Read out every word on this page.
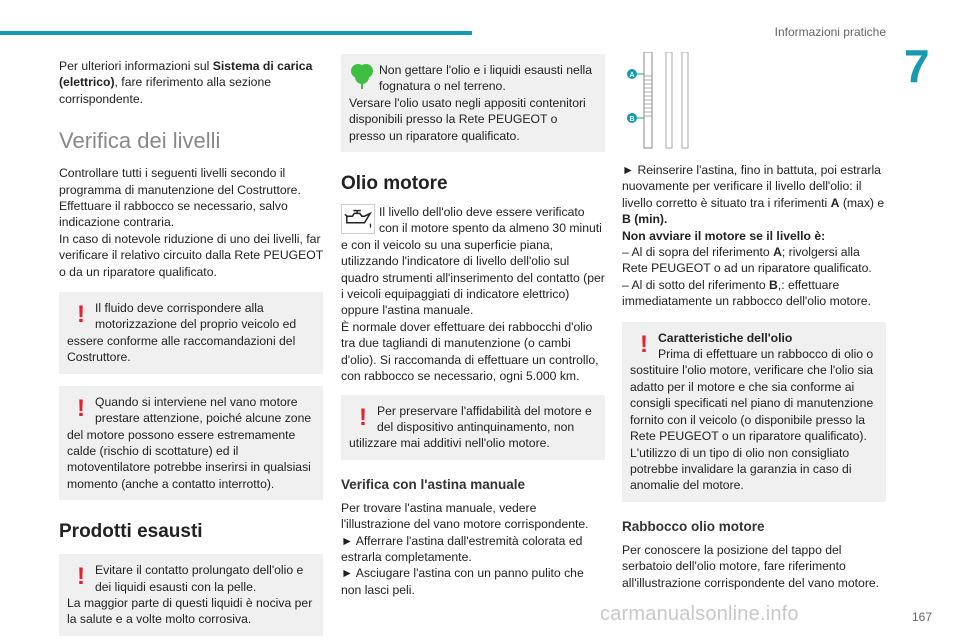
Informazioni pratiche
7

Per ulteriori informazioni sul Sistema di carica (elettrico), fare riferimento alla sezione corrispondente.

Verifica dei livelli

Controllare tutti i seguenti livelli secondo il programma di manutenzione del Costruttore. Effettuare il rabbocco se necessario, salvo indicazione contraria.

In caso di notevole riduzione di uno dei livelli, far verificare il relativo circuito dalla Rete PEUGEOT o da un riparatore qualificato.

! Il fluido deve corrispondere alla motorizzazione del proprio veicolo ed essere conforme alle raccomandazioni del Costruttore.

! Quando si interviene nel vano motore prestare attenzione, poiché alcune zone del motore possono essere estremamente calde (rischio di scottature) ed il motoventilatore potrebbe inserirsi in qualsiasi momento (anche a contatto interrotto).

Prodotti esausti
! Evitare il contatto prolungato dell'olio e dei liquidi esausti con la pelle.

La maggior parte di questi liquidi è nociva per la salute e a volte molto corrosiva.

Non gettare l'olio e i liquidi esausti nella fognatura o nel terreno.

Versare l'olio usato negli appositi contenitori disponibili presso la Rete PEUGEOT o presso un riparatore qualificato.

Olio motore

Il livello dell'olio deve essere verificato con il motore spento da almeno 30 minuti e con il veicolo su una superficie piana, utilizzando l'indicatore di livello dell'olio sul quadro strumenti all'inserimento del contatto (per i veicoli equipaggiati di indicatore elettrico) oppure l'astina manuale.

È normale dover effettuare dei rabbocchi d'olio tra due tagliandi di manutenzione (o cambi d'olio). Si raccomanda di effettuare un controllo, con rabbocco se necessario, ogni 5.000 km.

! Per preservare l'affidabilità del motore e del dispositivo antinquinamento, non utilizzare mai additivi nell'olio motore.

Verifica con l'astina manuale

Per trovare l'astina manuale, vedere l'illustrazione del vano motore corrispondente.

► Afferrare l'astina dall'estremità colorata ed estrarla completamente.

► Asciugare l'astina con un panno pulito che non lasci peli.

A
B

► Reinserire l'astina, fino in battuta, poi estrarla nuovamente per verificare il livello dell'olio: il livello corretto è situato tra i riferimenti A (max) e B (min).

Non avviare il motore se il livello è:

– Al di sopra del riferimento A; rivolgersi alla Rete PEUGEOT o ad un riparatore qualificato.

– Al di sotto del riferimento B,: effettuare immediatamente un rabbocco dell'olio motore.

! Caratteristiche dell'olio

Prima di effettuare un rabbocco di olio o sostituire l'olio motore, verificare che l'olio sia adatto per il motore e che sia conforme ai consigli specificati nel piano di manutenzione fornito con il veicolo (o disponibile presso la Rete PEUGEOT o un riparatore qualificato).

L'utilizzo di un tipo di olio non consigliato potrebbe invalidare la garanzia in caso di anomalie del motore.

Rabbocco olio motore

Per conoscere la posizione del tappo del serbatoio dell'olio motore, fare riferimento all'illustrazione corrispondente del vano motore.

167
carmanualsonline.info
